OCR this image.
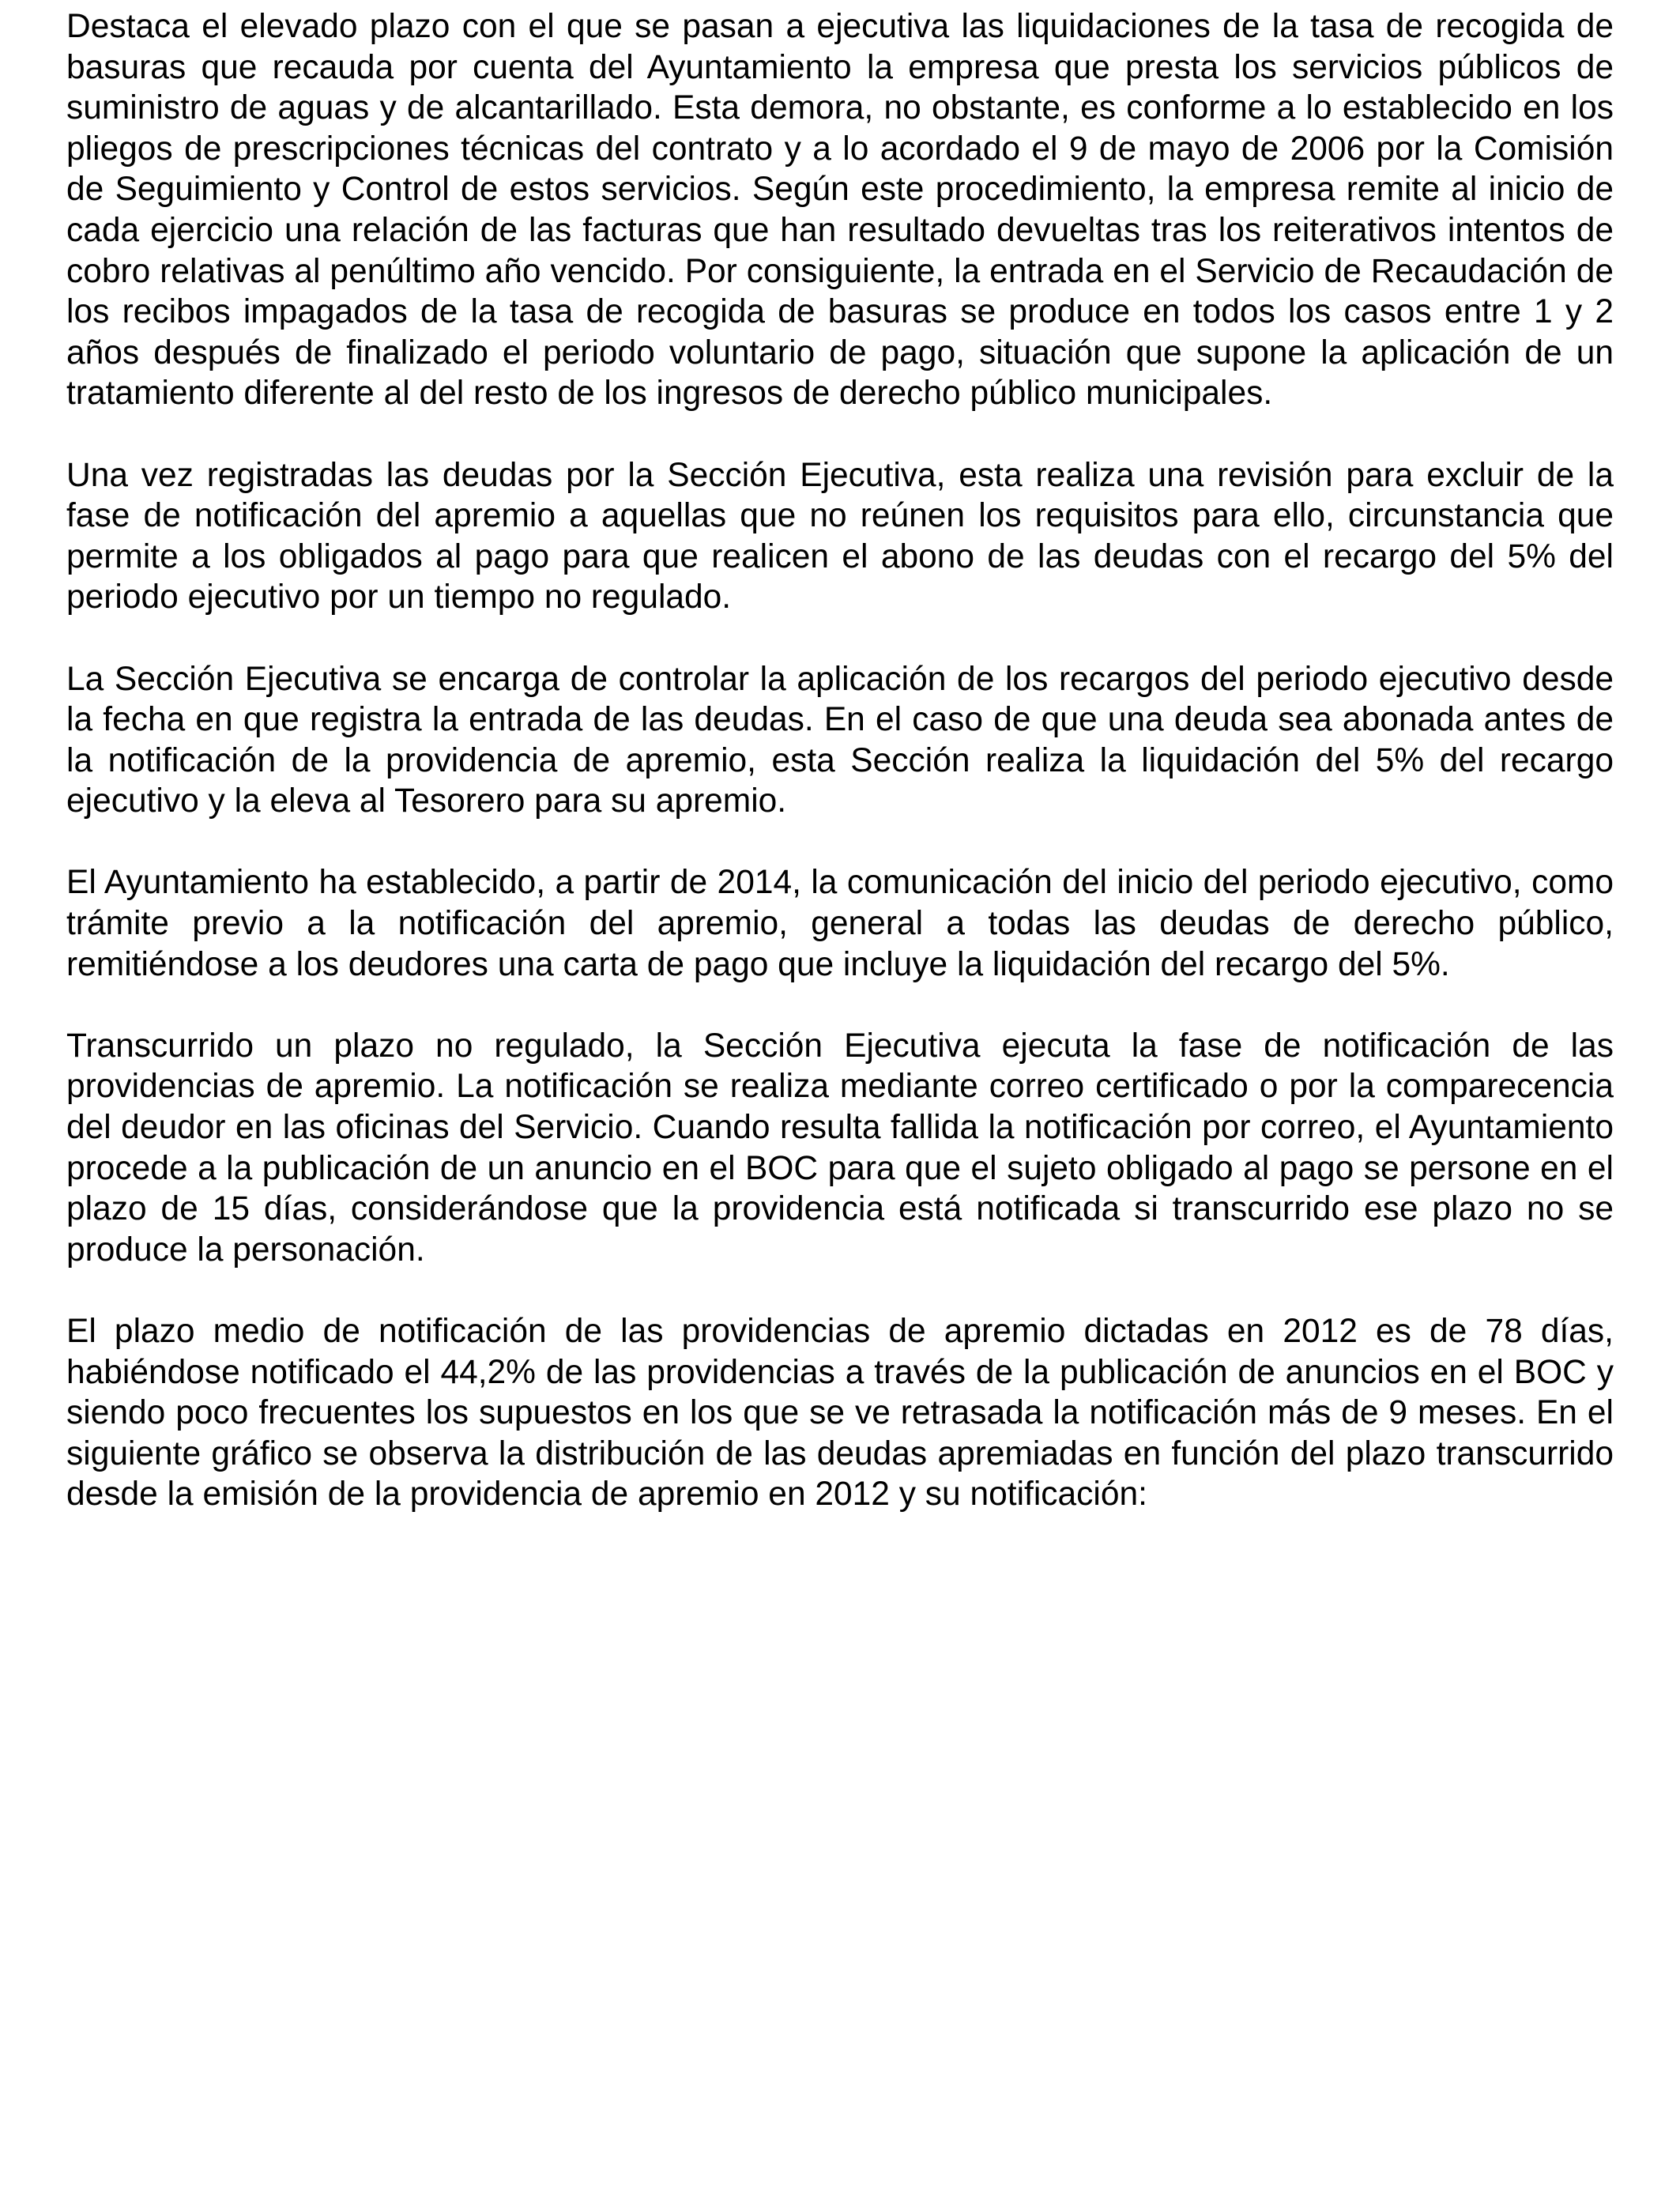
Destaca el elevado plazo con el que se pasan a ejecutiva las liquidaciones de la tasa de recogida de basuras que recauda por cuenta del Ayuntamiento la empresa que presta los servicios públicos de suministro de aguas y de alcantarillado. Esta demora, no obstante, es conforme a lo establecido en los pliegos de prescripciones técnicas del contrato y a lo acordado el 9 de mayo de 2006 por la Comisión de Seguimiento y Control de estos servicios. Según este procedimiento, la empresa remite al inicio de cada ejercicio una relación de las facturas que han resultado devueltas tras los reiterativos intentos de cobro relativas al penúltimo año vencido. Por consiguiente, la entrada en el Servicio de Recaudación de los recibos impagados de la tasa de recogida de basuras se produce en todos los casos entre 1 y 2 años después de finalizado el periodo voluntario de pago, situación que supone la aplicación de un tratamiento diferente al del resto de los ingresos de derecho público municipales.

Una vez registradas las deudas por la Sección Ejecutiva, esta realiza una revisión para excluir de la fase de notificación del apremio a aquellas que no reúnen los requisitos para ello, circunstancia que permite a los obligados al pago para que realicen el abono de las deudas con el recargo del 5% del periodo ejecutivo por un tiempo no regulado.

La Sección Ejecutiva se encarga de controlar la aplicación de los recargos del periodo ejecutivo desde la fecha en que registra la entrada de las deudas. En el caso de que una deuda sea abonada antes de la notificación de la providencia de apremio, esta Sección realiza la liquidación del 5% del recargo ejecutivo y la eleva al Tesorero para su apremio.

El Ayuntamiento ha establecido, a partir de 2014, la comunicación del inicio del periodo ejecutivo, como trámite previo a la notificación del apremio, general a todas las deudas de derecho público, remitiéndose a los deudores una carta de pago que incluye la liquidación del recargo del 5%.

Transcurrido un plazo no regulado, la Sección Ejecutiva ejecuta la fase de notificación de las providencias de apremio. La notificación se realiza mediante correo certificado o por la comparecencia del deudor en las oficinas del Servicio. Cuando resulta fallida la notificación por correo, el Ayuntamiento procede a la publicación de un anuncio en el BOC para que el sujeto obligado al pago se persone en el plazo de 15 días, considerándose que la providencia está notificada si transcurrido ese plazo no se produce la personación.

El plazo medio de notificación de las providencias de apremio dictadas en 2012 es de 78 días, habiéndose notificado el 44,2% de las providencias a través de la publicación de anuncios en el BOC y siendo poco frecuentes los supuestos en los que se ve retrasada la notificación más de 9 meses. En el siguiente gráfico se observa la distribución de las deudas apremiadas en función del plazo transcurrido desde la emisión de la providencia de apremio en 2012 y su notificación:
